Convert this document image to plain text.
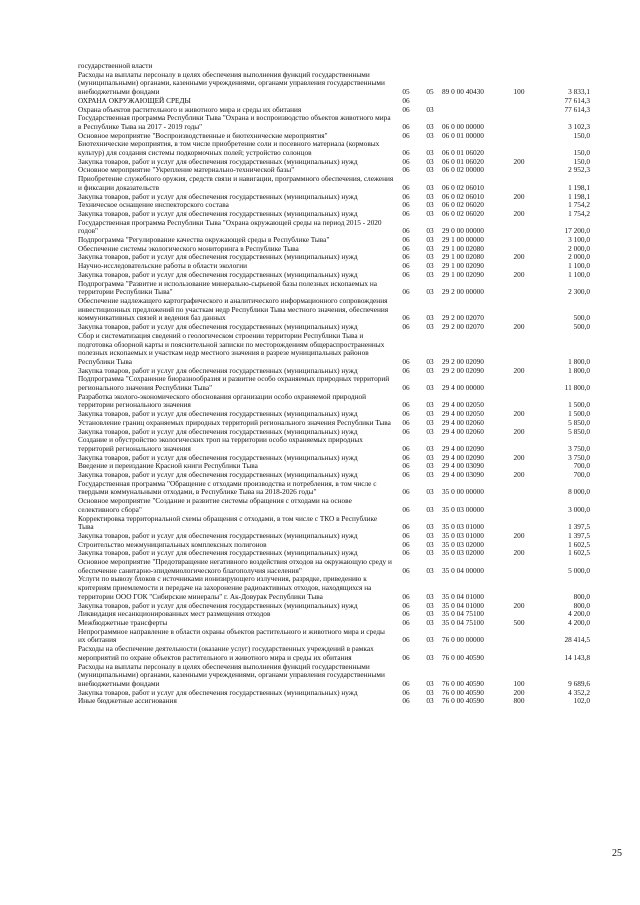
государственной власти					
Расходы на выплаты персоналу в целях обеспечения выполнения функций государственными (муниципальными) органами, казенными учреждениями, органами управления государственными внебюджетными фондами	05	05	89 0 00 40430	100	3 833,1
ОХРАНА ОКРУЖАЮЩЕЙ СРЕДЫ	06				77 614,3
Охрана объектов растительного и животного мира и среды их обитания	06	03			77 614,3
Государственная программа Республики Тыва "Охрана и воспроизводство объектов животного мира в Республике Тыва на 2017 - 2019 годы"	06	03	06 0 00 00000		3 102,3
Основное мероприятие "Воспроизводственные и биотехнические мероприятия"	06	03	06 0 01 00000		150,0
Биотехнические мероприятия, в том числе приобретение соли и посевного материала (кормовых культур) для создания системы подкормочных полей; устройство солонцов	06	03	06 0 01 06020		150,0
Закупка товаров, работ и услуг для обеспечения государственных (муниципальных) нужд	06	03	06 0 01 06020	200	150,0
Основное мероприятие "Укрепление материально-технической базы"	06	03	06 0 02 00000		2 952,3
Приобретение служебного оружия, средств связи и навигации, программного обеспечения, слежения и фиксации доказательств	06	03	06 0 02 06010		1 198,1
Закупка товаров, работ и услуг для обеспечения государственных (муниципальных) нужд	06	03	06 0 02 06010	200	1 198,1
Техническое оснащение инспекторского состава	06	03	06 0 02 06020		1 754,2
Закупка товаров, работ и услуг для обеспечения государственных (муниципальных) нужд	06	03	06 0 02 06020	200	1 754,2
Государственная программа Республики Тыва "Охрана окружающей среды на период 2015 - 2020 годов"	06	03	29 0 00 00000		17 200,0
Подпрограмма "Регулирование качества окружающей среды в Республике Тыва"	06	03	29 1 00 00000		3 100,0
Обеспечение системы экологического мониторинга в Республике Тыва	06	03	29 1 00 02080		2 000,0
Закупка товаров, работ и услуг для обеспечения государственных (муниципальных) нужд	06	03	29 1 00 02080	200	2 000,0
Научно-исследовательские работы в области экологии	06	03	29 1 00 02090		1 100,0
Закупка товаров, работ и услуг для обеспечения государственных (муниципальных) нужд	06	03	29 1 00 02090	200	1 100,0
Подпрограмма "Развитие и использование минерально-сырьевой базы полезных ископаемых на территории Республики Тыва"	06	03	29 2 00 00000		2 300,0
Обеспечение надлежащего картографического и аналитического информационного сопровождения инвестиционных предложений по участкам недр Республики Тыва местного значения, обеспечения коммуникативных связей и ведения баз данных	06	03	29 2 00 02070		500,0
Закупка товаров, работ и услуг для обеспечения государственных (муниципальных) нужд	06	03	29 2 00 02070	200	500,0
Сбор и систематизация сведений о геологическом строении территории Республики Тыва и подготовка обзорной карты и пояснительной записки по месторождениям общераспространенных полезных ископаемых и участкам недр местного значения в разрезе муниципальных районов Республики Тыва	06	03	29 2 00 02090		1 800,0
Закупка товаров, работ и услуг для обеспечения государственных (муниципальных) нужд	06	03	29 2 00 02090	200	1 800,0
Подпрограмма "Сохранение биоразнообразия и развитие особо охраняемых природных территорий регионального значения Республики Тыва"	06	03	29 4 00 00000		11 800,0
Разработка эколого-экономического обоснования организации особо охраняемой природной территории регионального значения	06	03	29 4 00 02050		1 500,0
Закупка товаров, работ и услуг для обеспечения государственных (муниципальных) нужд	06	03	29 4 00 02050	200	1 500,0
Установление границ охраняемых природных территорий регионального значения Республики Тыва	06	03	29 4 00 02060		5 850,0
Закупка товаров, работ и услуг для обеспечения государственных (муниципальных) нужд	06	03	29 4 00 02060	200	5 850,0
Создание и обустройство экологических троп на территории особо охраняемых природных территорий регионального значения	06	03	29 4 00 02090		3 750,0
Закупка товаров, работ и услуг для обеспечения государственных (муниципальных) нужд	06	03	29 4 00 02090	200	3 750,0
Введение и переиздание Красной книги Республики Тыва	06	03	29 4 00 03090		700,0
Закупка товаров, работ и услуг для обеспечения государственных (муниципальных) нужд	06	03	29 4 00 03090	200	700,0
Государственная программа "Обращение с отходами производства и потребления, в том числе с твердыми коммунальными отходами, в Республике Тыва на 2018-2026 годы"	06	03	35 0 00 00000		8 000,0
Основное мероприятие "Создание и развитие системы обращения с отходами на основе селективного сбора"	06	03	35 0 03 00000		3 000,0
Корректировка территориальной схемы обращения с отходами, в том числе с ТКО в Республике Тыва	06	03	35 0 03 01000		1 397,5
Закупка товаров, работ и услуг для обеспечения государственных (муниципальных) нужд	06	03	35 0 03 01000	200	1 397,5
Строительство межмуниципальных комплексных полигонов	06	03	35 0 03 02000		1 602,5
Закупка товаров, работ и услуг для обеспечения государственных (муниципальных) нужд	06	03	35 0 03 02000	200	1 602,5
Основное мероприятие "Предотвращение негативного воздействия отходов на окружающую среду и обеспечение санитарно-эпидемиологического благополучия населения"	06	03	35 0 04 00000		5 000,0
Услуги по вывозу блоков с источниками ионизирующего излучения, разрядке, приведению к критериям приемлемости и передаче на захоронение радиоактивных отходов, находящихся на территории ООО ГОК "Сибирские минералы" г. Ак-Довурак Республики Тыва	06	03	35 0 04 01000		800,0
Закупка товаров, работ и услуг для обеспечения государственных (муниципальных) нужд	06	03	35 0 04 01000	200	800,0
Ликвидация несанкционированных мест размещения отходов	06	03	35 0 04 75100		4 200,0
Межбюджетные трансферты	06	03	35 0 04 75100	500	4 200,0
Непрограммное направление в области охраны объектов растительного и животного мира и среды их обитания	06	03	76 0 00 00000		28 414,5
Расходы на обеспечение деятельности (оказание услуг) государственных учреждений в рамках мероприятий по охране объектов растительного и животного мира и среды их обитания	06	03	76 0 00 40590		14 143,8
Расходы на выплаты персоналу в целях обеспечения выполнения функций государственными (муниципальными) органами, казенными учреждениями, органами управления государственными внебюджетными фондами	06	03	76 0 00 40590	100	9 689,6
Закупка товаров, работ и услуг для обеспечения государственных (муниципальных) нужд	06	03	76 0 00 40590	200	4 352,2
Иные бюджетные ассигнования	06	03	76 0 00 40590	800	102,0
25
